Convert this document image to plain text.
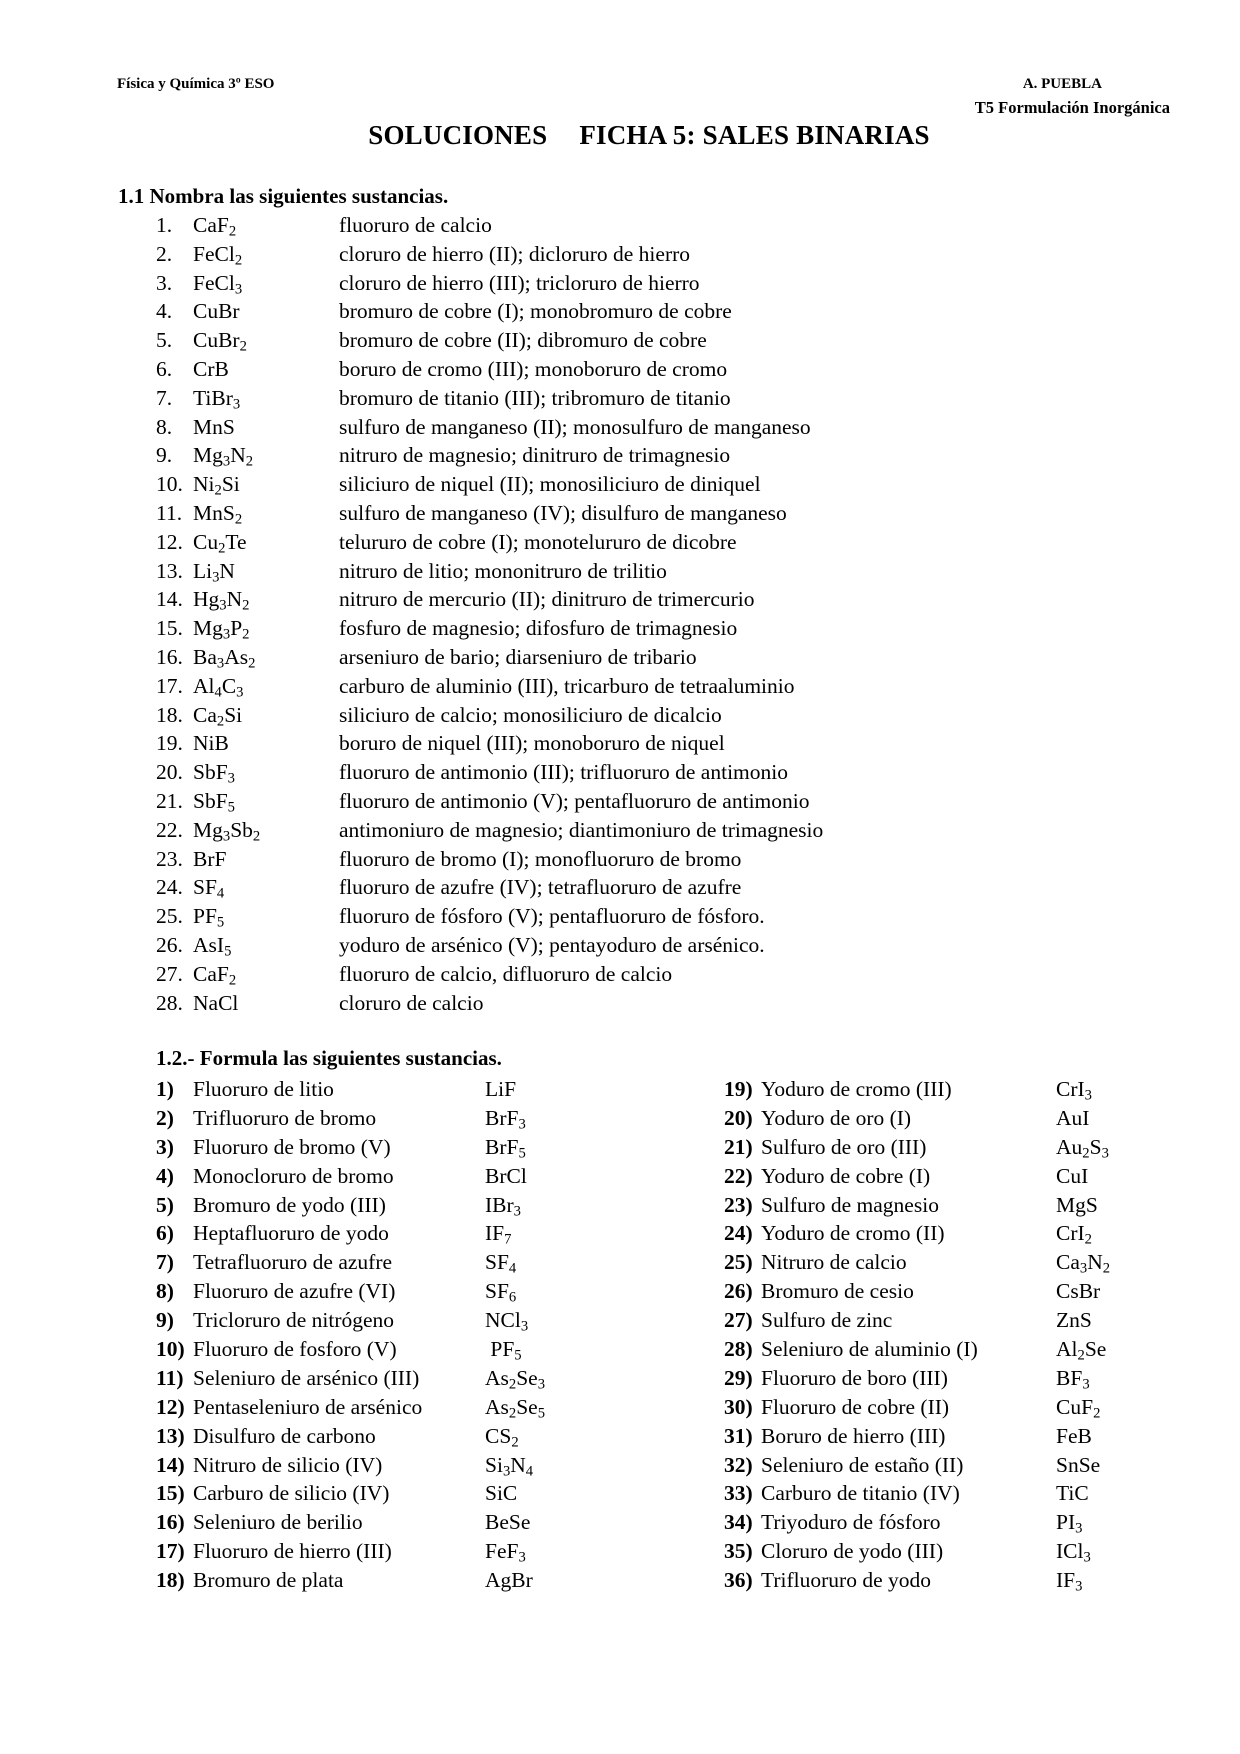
Física y Química 3º ESO	A. PUEBLA
T5 Formulación Inorgánica
SOLUCIONES FICHA 5: SALES BINARIAS
1.1 Nombra las siguientes sustancias.
1. CaF$_2$	fluoruro de calcio
2. FeCl$_2$	cloruro de hierro (II); dicloruro de hierro
3. FeCl$_3$	cloruro de hierro (III); tricloruro de hierro
4. CuBr	bromuro de cobre (I); monobromuro de cobre
5. CuBr$_2$	bromuro de cobre (II); dibromuro de cobre
6. CrB	boruro de cromo (III); monoboruro de cromo
7. TiBr$_3$	bromuro de titanio (III); tribromuro de titanio
8. MnS	sulfuro de manganeso (II); monosulfuro de manganeso
9. $Mg_3N_2$	nitruro de magnesio; dinitruro de trimagnesio
10. $Ni_2Si$	siliciuro de niquel (II); monosiliciuro de diniquel
11. MnS$_2$	sulfuro de manganeso (IV); disulfuro de manganeso
12. $Cu_2Te$	telururo de cobre (I); monotelururo de dicobre
13. $Li_3N$	nitruro de litio; mononitruro de trilitio
14. $Hg_3N_2$	nitruro de mercurio (II); dinitruro de trimercurio
15. $Mg_3P_2$	fosfuro de magnesio; difosfuro de trimagnesio
16. $Ba_3As_2$	arseniuro de bario; diarseniuro de tribario
17. $Al_4C_3$	carburo de aluminio (III), tricarburo de tetraaluminio
18. $Ca_2Si$	siliciuro de calcio; monosiliciuro de dicalcio
19. NiB	boruro de niquel (III); monoboruro de niquel
20. SbF$_3$	fluoruro de antimonio (III); trifluoruro de antimonio
21. SbF$_5$	fluoruro de antimonio (V); pentafluoruro de antimonio
22. $Mg_3Sb_2$	antimoniuro de magnesio; diantimoniuro de trimagnesio
23. BrF	fluoruro de bromo (I); monofluoruro de bromo
24. $SF_4$	fluoruro de azufre (IV); tetrafluoruro de azufre
25. $PF_5$	fluoruro de fósforo (V); pentafluoruro de fósforo.
26. AsI$_5$	yoduro de arsénico (V); pentayoduro de arsénico.
27. CaF$_2$	fluoruro de calcio, difluoruro de calcio
28. NaCl	cloruro de calcio
1.2.- Formula las siguientes sustancias.
1) Fluoruro de litio	LiF
2) Trifluoruro de bromo	BrF$_3$
3) Fluoruro de bromo (V)	BrF$_5$
4) Monocloruro de bromo	BrCl
5) Bromuro de yodo (III)	IBr$_3$
6) Heptafluoruro de yodo	$IF_7$
7) Tetrafluoruro de azufre	$SF_4$
8) Fluoruro de azufre (VI)	$SF_6$
9) Tricloruro de nitrógeno	NCl$_3$
10) Fluoruro de fosforo (V)	$PF_5$
11) Seleniuro de arsénico (III)	$As_2Se_3$
12) Pentaseleniuro de arsénico	$As_2Se_5$
13) Disulfuro de carbono	$CS_2$
14) Nitruro de silicio (IV)	$Si_3N_4$
15) Carburo de silicio (IV)	SiC
16) Seleniuro de berilio	BeSe
17) Fluoruro de hierro (III)	FeF$_3$
18) Bromuro de plata	AgBr
19) Yoduro de cromo (III)	CrI$_3$
20) Yoduro de oro (I)	AuI
21) Sulfuro de oro (III)	$Au_2S_3$
22) Yoduro de cobre (I)	CuI
23) Sulfuro de magnesio	MgS
24) Yoduro de cromo (II)	CrI$_2$
25) Nitruro de calcio	$Ca_3N_2$
26) Bromuro de cesio	CsBr
27) Sulfuro de zinc	ZnS
28) Seleniuro de aluminio (I)	$Al_2Se$
29) Fluoruro de boro (III)	$BF_3$
30) Fluoruro de cobre (II)	CuF$_2$
31) Boruro de hierro (III)	FeB
32) Seleniuro de estaño (II)	SnSe
33) Carburo de titanio (IV)	TiC
34) Triyoduro de fósforo	$PI_3$
35) Cloruro de yodo (III)	ICl$_3$
36) Trifluoruro de yodo	$IF_3$
